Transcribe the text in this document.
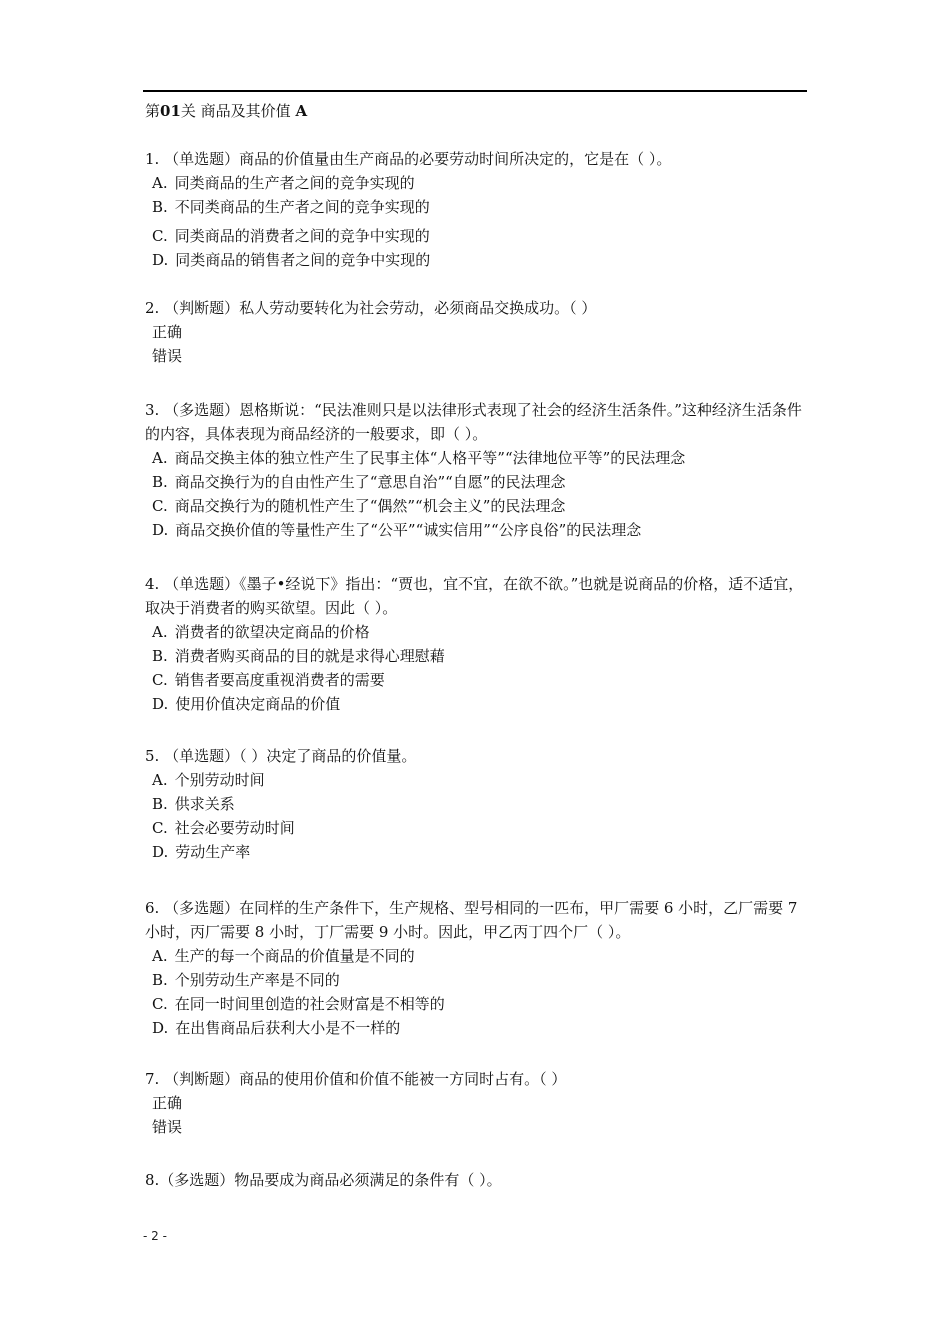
第01关 商品及其价值 A

1. （单选题）商品的价值量由生产商品的必要劳动时间所决定的，它是在（ ）。

A. 同类商品的生产者之间的竞争实现的

B. 不同类商品的生产者之间的竞争实现的

C. 同类商品的消费者之间的竞争中实现的

D. 同类商品的销售者之间的竞争中实现的

2. （判断题）私人劳动要转化为社会劳动，必须商品交换成功。（ ）

正确

错误

3. （多选题）恩格斯说：“民法准则只是以法律形式表现了社会的经济生活条件。”这种经济生活条件的内容，具体表现为商品经济的一般要求，即（ ）。

A. 商品交换主体的独立性产生了民事主体“人格平等”“法律地位平等”的民法理念

B. 商品交换行为的自由性产生了“意思自治”“自愿”的民法理念

C. 商品交换行为的随机性产生了“偶然”“机会主义”的民法理念

D. 商品交换价值的等量性产生了“公平”“诚实信用”“公序良俗”的民法理念

4. （单选题）《墨子•经说下》指出：“贾也，宜不宜，在欲不欲。”也就是说商品的价格，适不适宜，取决于消费者的购买欲望。因此（ ）。

A. 消费者的欲望决定商品的价格

B. 消费者购买商品的目的就是求得心理慰藉

C. 销售者要高度重视消费者的需要

D. 使用价值决定商品的价值

5. （单选题）（ ）决定了商品的价值量。

A. 个别劳动时间

B. 供求关系

C. 社会必要劳动时间

D. 劳动生产率

6. （多选题）在同样的生产条件下，生产规格、型号相同的一匹布，甲厂需要 6 小时，乙厂需要 7 小时，丙厂需要 8 小时，丁厂需要 9 小时。因此，甲乙丙丁四个厂（ ）。

A. 生产的每一个商品的价值量是不同的

B. 个别劳动生产率是不同的

C. 在同一时间里创造的社会财富是不相等的

D. 在出售商品后获利大小是不一样的

7. （判断题）商品的使用价值和价值不能被一方同时占有。（ ）

正确

错误

8.（多选题）物品要成为商品必须满足的条件有（ ）。

- 2 -
